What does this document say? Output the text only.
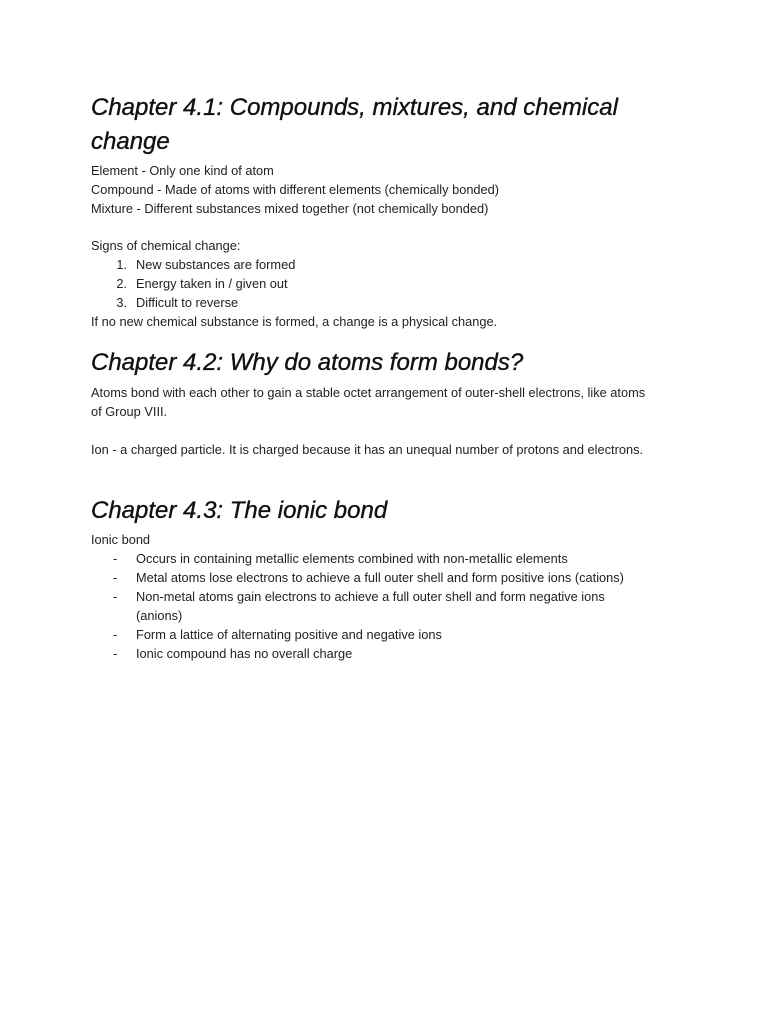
Chapter 4.1: Compounds, mixtures, and chemical change

Element - Only one kind of atom

Compound - Made of atoms with different elements (chemically bonded)

Mixture - Different substances mixed together (not chemically bonded)

Signs of chemical change:

1. New substances are formed
2. Energy taken in / given out
3. Difficult to reverse

If no new chemical substance is formed, a change is a physical change.

Chapter 4.2: Why do atoms form bonds?

Atoms bond with each other to gain a stable octet arrangement of outer-shell electrons, like atoms of Group VIII.

Ion - a charged particle. It is charged because it has an unequal number of protons and electrons.

Chapter 4.3: The ionic bond

Ionic bond

-	Occurs in containing metallic elements combined with non-metallic elements
-	Metal atoms lose electrons to achieve a full outer shell and form positive ions (cations)
-	Non-metal atoms gain electrons to achieve a full outer shell and form negative ions (anions)
-	Form a lattice of alternating positive and negative ions
-	Ionic compound has no overall charge
